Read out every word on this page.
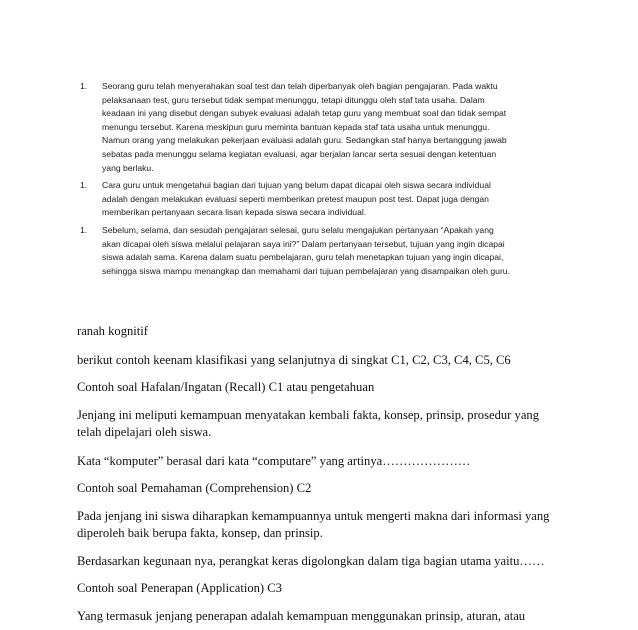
1.	Seorang guru telah menyerahakan soal test dan telah diperbanyak oleh bagian pengajaran. Pada waktu
pelaksanaan test, guru tersebut tidak sempat menunggu, tetapi ditunggu oleh staf tata usaha. Dalam
keadaan ini yang disebut dengan subyek evaluasi adalah tetap guru yang membuat soal dan tidak sempat
menungu tersebut. Karena meskipun guru meminta bantuan kepada staf tata usaha untuk menunggu.
Namun orang yang melakukan pekerjaan evaluasi adalah guru. Sedangkan staf hanya bertanggung jawab
sebatas pada menunggu selama kegiatan evaluasi, agar berjalan lancar serta sesuai dengan ketentuan
yang berlaku.
1.	Cara guru untuk mengetahui bagian dari tujuan yang belum dapat dicapai oleh siswa secara individual
adalah dengan melakukan evaluasi seperti memberikan pretest maupun post test. Dapat juga dengan
memberikan pertanyaan secara lisan kepada siswa secara individual.
1.	Sebelum, selama, dan sesudah pengajaran selesai, guru selalu mengajukan pertanyaan “Apakah yang
akan dicapai oleh siswa melalui pelajaran saya ini?” Dalam pertanyaan tersebut, tujuan yang ingin dicapai
siswa adalah sama. Karena dalam suatu pembelajaran, guru telah menetapkan tujuan yang ingin dicapai,
sehingga siswa mampu menangkap dan memahami dari tujuan pembelajaran yang disampaikan oleh guru.

ranah kognitif

berikut contoh keenam klasifikasi yang selanjutnya di singkat C1, C2, C3, C4, C5, C6

Contoh soal Hafalan/Ingatan (Recall) C1 atau pengetahuan

Jenjang ini meliputi kemampuan menyatakan kembali fakta, konsep, prinsip, prosedur yang

telah dipelajari oleh siswa.

Kata “komputer” berasal dari kata “computare” yang artinya…………………

Contoh soal Pemahaman (Comprehension) C2

Pada jenjang ini siswa diharapkan kemampuannya untuk mengerti makna dari informasi yang

diperoleh baik berupa fakta, konsep, dan prinsip.

Berdasarkan kegunaan nya, perangkat keras digolongkan dalam tiga bagian utama yaitu……

Contoh soal Penerapan (Application) C3

Yang termasuk jenjang penerapan adalah kemampuan menggunakan prinsip, aturan, atau
